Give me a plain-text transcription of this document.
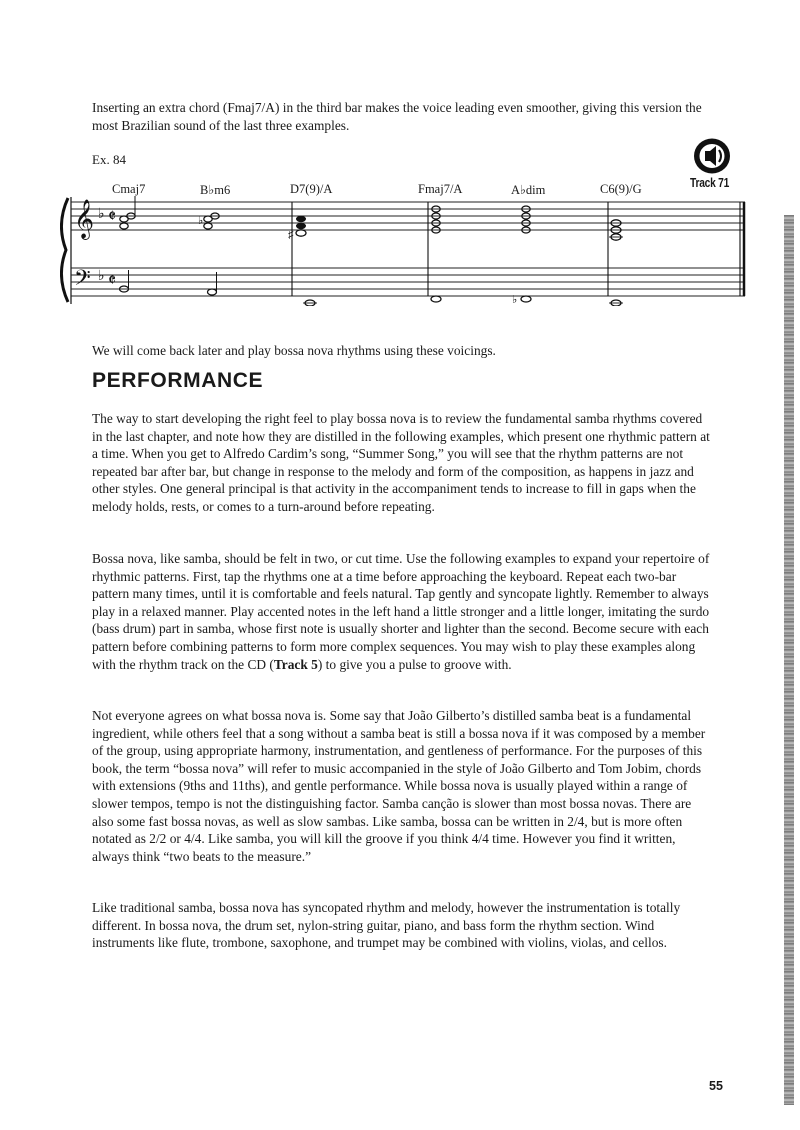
Inserting an extra chord (Fmaj7/A) in the third bar makes the voice leading even smoother, giving this version the most Brazilian sound of the last three examples.

Ex. 84
Track 71
Cmaj7	B♭m6	D7(9)/A	Fmaj7/A	A♭dim	C6(9)/G
𝄞
𝄢
♭
♭
𝄵
𝄵
♭
♯
♭

We will come back later and play bossa nova rhythms using these voicings.

PERFORMANCE

The way to start developing the right feel to play bossa nova is to review the fundamental samba rhythms covered in the last chapter, and note how they are distilled in the following examples, which present one rhythmic pattern at a time. When you get to Alfredo Cardim’s song, “Summer Song,” you will see that the rhythm patterns are not repeated bar after bar, but change in response to the melody and form of the composition, as happens in jazz and other styles. One general principal is that activity in the accompaniment tends to increase to fill in gaps when the melody holds, rests, or comes to a turn-around before repeating.

Bossa nova, like samba, should be felt in two, or cut time. Use the following examples to expand your repertoire of rhythmic patterns. First, tap the rhythms one at a time before approaching the keyboard. Repeat each two-bar pattern many times, until it is comfortable and feels natural. Tap gently and syncopate lightly. Remember to always play in a relaxed manner. Play accented notes in the left hand a little stronger and a little longer, imitating the surdo (bass drum) part in samba, whose first note is usually shorter and lighter than the second. Become secure with each pattern before combining patterns to form more complex sequences. You may wish to play these examples along with the rhythm track on the CD (Track 5) to give you a pulse to groove with.

Not everyone agrees on what bossa nova is. Some say that João Gilberto’s distilled samba beat is a fundamental ingredient, while others feel that a song without a samba beat is still a bossa nova if it was composed by a member of the group, using appropriate harmony, instrumentation, and gentleness of performance. For the purposes of this book, the term “bossa nova” will refer to music accompanied in the style of João Gilberto and Tom Jobim, chords with extensions (9ths and 11ths), and gentle performance. While bossa nova is usually played within a range of slower tempos, tempo is not the distinguishing factor. Samba canção is slower than most bossa novas. There are also some fast bossa novas, as well as slow sambas. Like samba, bossa can be written in 2/4, but is more often notated as 2/2 or 4/4. Like samba, you will kill the groove if you think 4/4 time. However you find it written, always think “two beats to the measure.”

Like traditional samba, bossa nova has syncopated rhythm and melody, however the instrumentation is totally different. In bossa nova, the drum set, nylon-string guitar, piano, and bass form the rhythm section. Wind instruments like flute, trombone, saxophone, and trumpet may be combined with violins, violas, and cellos.

55
